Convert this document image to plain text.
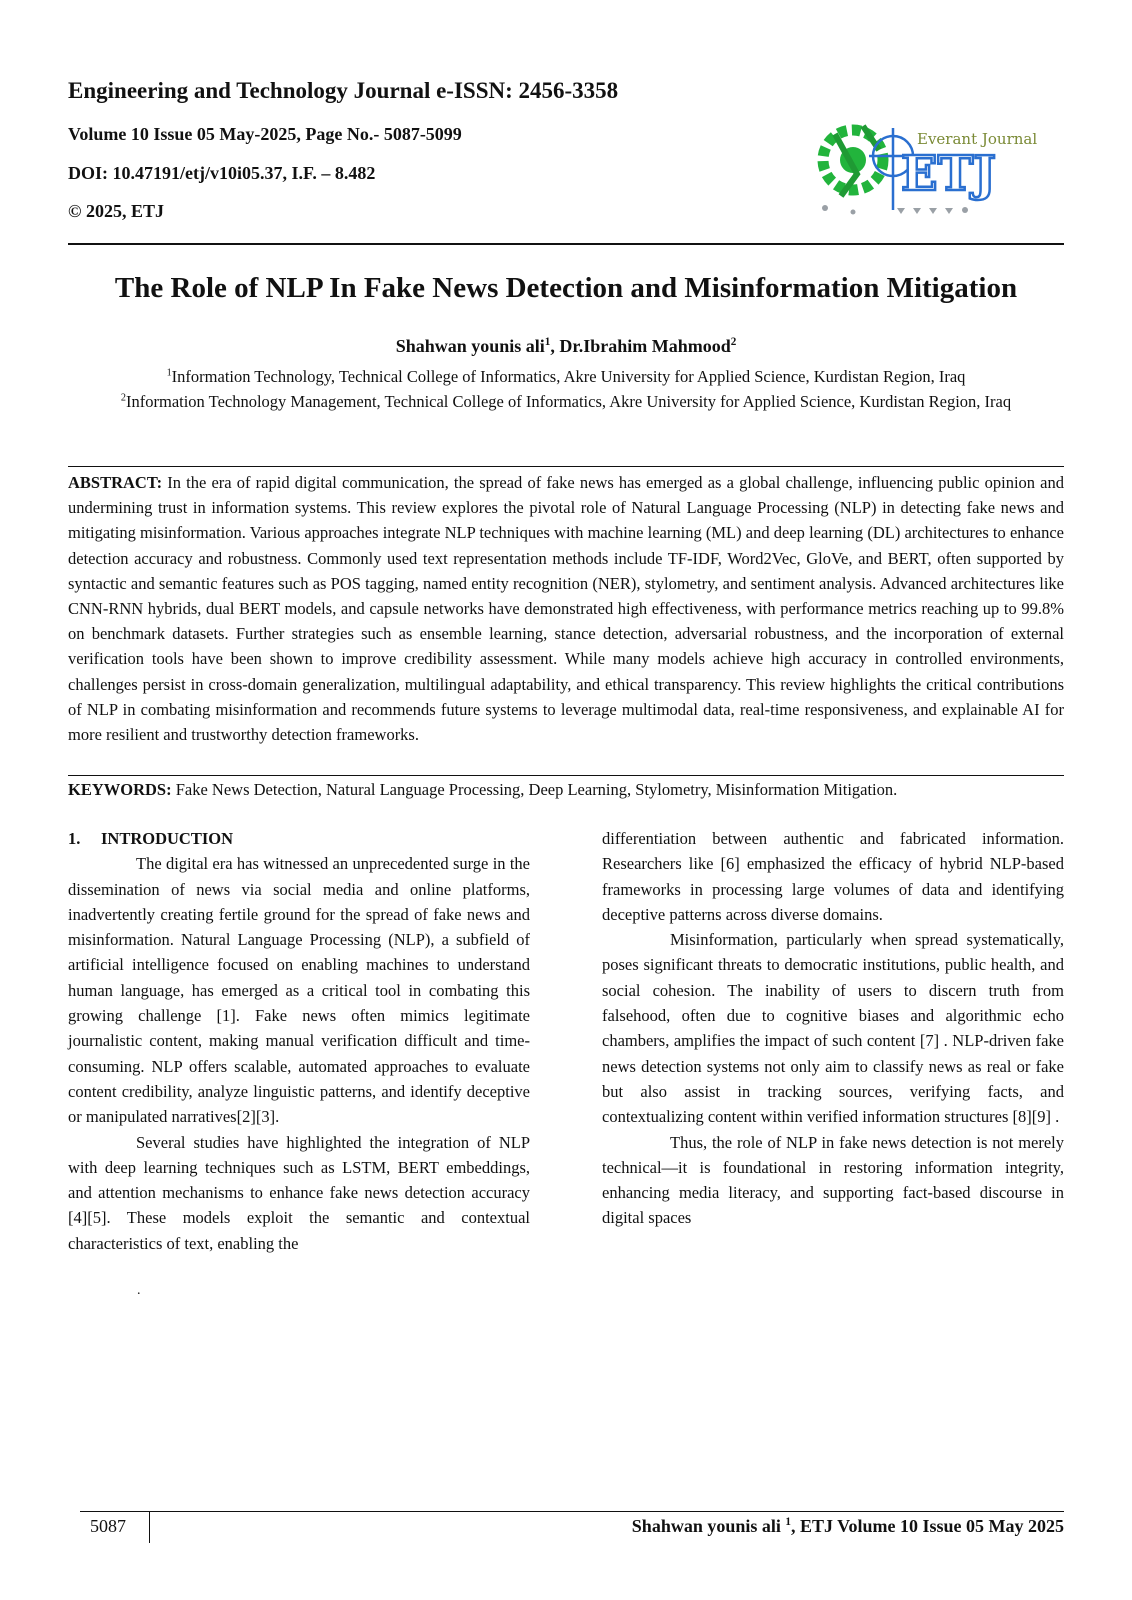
Engineering and Technology Journal e-ISSN: 2456-3358
Volume 10 Issue 05 May-2025, Page No.- 5087-5099
DOI: 10.47191/etj/v10i05.37, I.F. – 8.482
© 2025, ETJ
Everant Journal
ETJ
The Role of NLP In Fake News Detection and Misinformation Mitigation
Shahwan younis ali$^1$, Dr.Ibrahim Mahmood$^2$
$^1$Information Technology, Technical College of Informatics, Akre University for Applied Science, Kurdistan Region, Iraq
$^2$Information Technology Management, Technical College of Informatics, Akre University for Applied Science, Kurdistan Region, Iraq

ABSTRACT: In the era of rapid digital communication, the spread of fake news has emerged as a global challenge, influencing public opinion and undermining trust in information systems. This review explores the pivotal role of Natural Language Processing (NLP) in detecting fake news and mitigating misinformation. Various approaches integrate NLP techniques with machine learning (ML) and deep learning (DL) architectures to enhance detection accuracy and robustness. Commonly used text representation methods include TF-IDF, Word2Vec, GloVe, and BERT, often supported by syntactic and semantic features such as POS tagging, named entity recognition (NER), stylometry, and sentiment analysis. Advanced architectures like CNN-RNN hybrids, dual BERT models, and capsule networks have demonstrated high effectiveness, with performance metrics reaching up to 99.8% on benchmark datasets. Further strategies such as ensemble learning, stance detection, adversarial robustness, and the incorporation of external verification tools have been shown to improve credibility assessment. While many models achieve high accuracy in controlled environments, challenges persist in cross-domain generalization, multilingual adaptability, and ethical transparency. This review highlights the critical contributions of NLP in combating misinformation and recommends future systems to leverage multimodal data, real-time responsiveness, and explainable AI for more resilient and trustworthy detection frameworks.

KEYWORDS: Fake News Detection, Natural Language Processing, Deep Learning, Stylometry, Misinformation Mitigation.

1. INTRODUCTION

The digital era has witnessed an unprecedented surge in the dissemination of news via social media and online platforms, inadvertently creating fertile ground for the spread of fake news and misinformation. Natural Language Processing (NLP), a subfield of artificial intelligence focused on enabling machines to understand human language, has emerged as a critical tool in combating this growing challenge [1]. Fake news often mimics legitimate journalistic content, making manual verification difficult and time-consuming. NLP offers scalable, automated approaches to evaluate content credibility, analyze linguistic patterns, and identify deceptive or manipulated narratives[2][3].

Several studies have highlighted the integration of NLP with deep learning techniques such as LSTM, BERT embeddings, and attention mechanisms to enhance fake news detection accuracy [4][5]. These models exploit the semantic and contextual characteristics of text, enabling the

.

differentiation between authentic and fabricated information. Researchers like [6] emphasized the efficacy of hybrid NLP-based frameworks in processing large volumes of data and identifying deceptive patterns across diverse domains.

Misinformation, particularly when spread systematically, poses significant threats to democratic institutions, public health, and social cohesion. The inability of users to discern truth from falsehood, often due to cognitive biases and algorithmic echo chambers, amplifies the impact of such content [7] . NLP-driven fake news detection systems not only aim to classify news as real or fake but also assist in tracking sources, verifying facts, and contextualizing content within verified information structures [8][9] .

Thus, the role of NLP in fake news detection is not merely technical—it is foundational in restoring information integrity, enhancing media literacy, and supporting fact-based discourse in digital spaces

5087	Shahwan younis ali $^1$, ETJ Volume 10 Issue 05 May 2025
